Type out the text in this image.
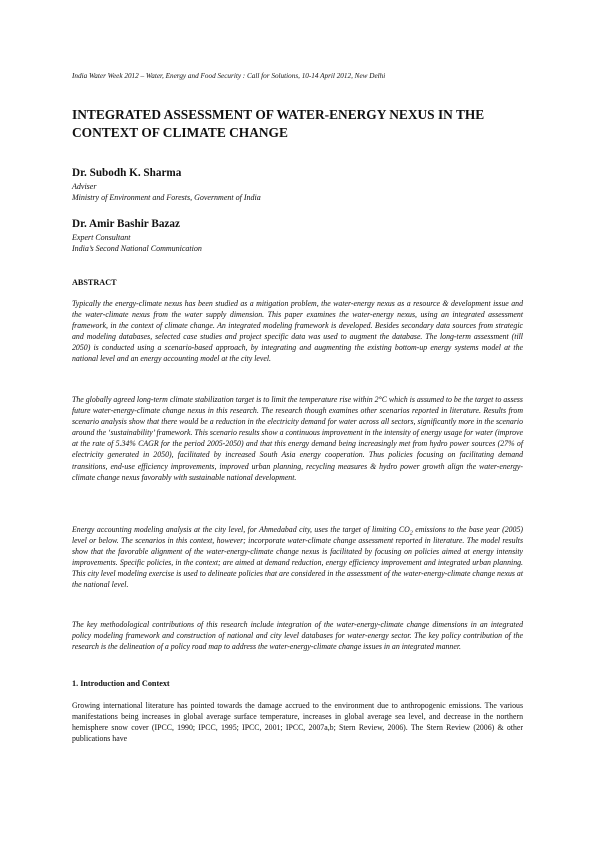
India Water Week 2012 – Water, Energy and Food Security : Call for Solutions, 10-14 April 2012, New Delhi
INTEGRATED ASSESSMENT OF WATER-ENERGY NEXUS IN THE
CONTEXT OF CLIMATE CHANGE
Dr. Subodh K. Sharma
Adviser
Ministry of Environment and Forests, Government of India
Dr. Amir Bashir Bazaz
Expert Consultant
India’s Second National Communication
ABSTRACT

Typically the energy-climate nexus has been studied as a mitigation problem, the water-energy nexus as a resource & development issue and the water-climate nexus from the water supply dimension. This paper examines the water-energy nexus, using an integrated assessment framework, in the context of climate change. An integrated modeling framework is developed. Besides secondary data sources from strategic and modeling databases, selected case studies and project specific data was used to augment the database. The long-term assessment (till 2050) is conducted using a scenario-based approach, by integrating and augmenting the existing bottom-up energy systems model at the national level and an energy accounting model at the city level.

The globally agreed long-term climate stabilization target is to limit the temperature rise within 2°C which is assumed to be the target to assess future water-energy-climate change nexus in this research. The research though examines other scenarios reported in literature. Results from scenario analysis show that there would be a reduction in the electricity demand for water across all sectors, significantly more in the scenario around the ‘sustainability’ framework. This scenario results show a continuous improvement in the intensity of energy usage for water (improve at the rate of 5.34% CAGR for the period 2005-2050) and that this energy demand being increasingly met from hydro power sources (27% of electricity generated in 2050), facilitated by increased South Asia energy cooperation. Thus policies focusing on facilitating demand transitions, end-use efficiency improvements, improved urban planning, recycling measures & hydro power growth align the water-energy-climate change nexus favorably with sustainable national development.

Energy accounting modeling analysis at the city level, for Ahmedabad city, uses the target of limiting $CO_2$ emissions to the base year (2005) level or below. The scenarios in this context, however; incorporate water-climate change assessment reported in literature. The model results show that the favorable alignment of the water-energy-climate change nexus is facilitated by focusing on policies aimed at energy intensity improvements. Specific policies, in the context; are aimed at demand reduction, energy efficiency improvement and integrated urban planning. This city level modeling exercise is used to delineate policies that are considered in the assessment of the water-energy-climate change nexus at the national level.

The key methodological contributions of this research include integration of the water-energy-climate change dimensions in an integrated policy modeling framework and construction of national and city level databases for water-energy sector. The key policy contribution of the research is the delineation of a policy road map to address the water-energy-climate change issues in an integrated manner.

1. Introduction and Context

Growing international literature has pointed towards the damage accrued to the environment due to anthropogenic emissions. The various manifestations being increases in global average surface temperature, increases in global average sea level, and decrease in the northern hemisphere snow cover (IPCC, 1990; IPCC, 1995; IPCC, 2001; IPCC, 2007a,b; Stern Review, 2006). The Stern Review (2006) & other publications have
